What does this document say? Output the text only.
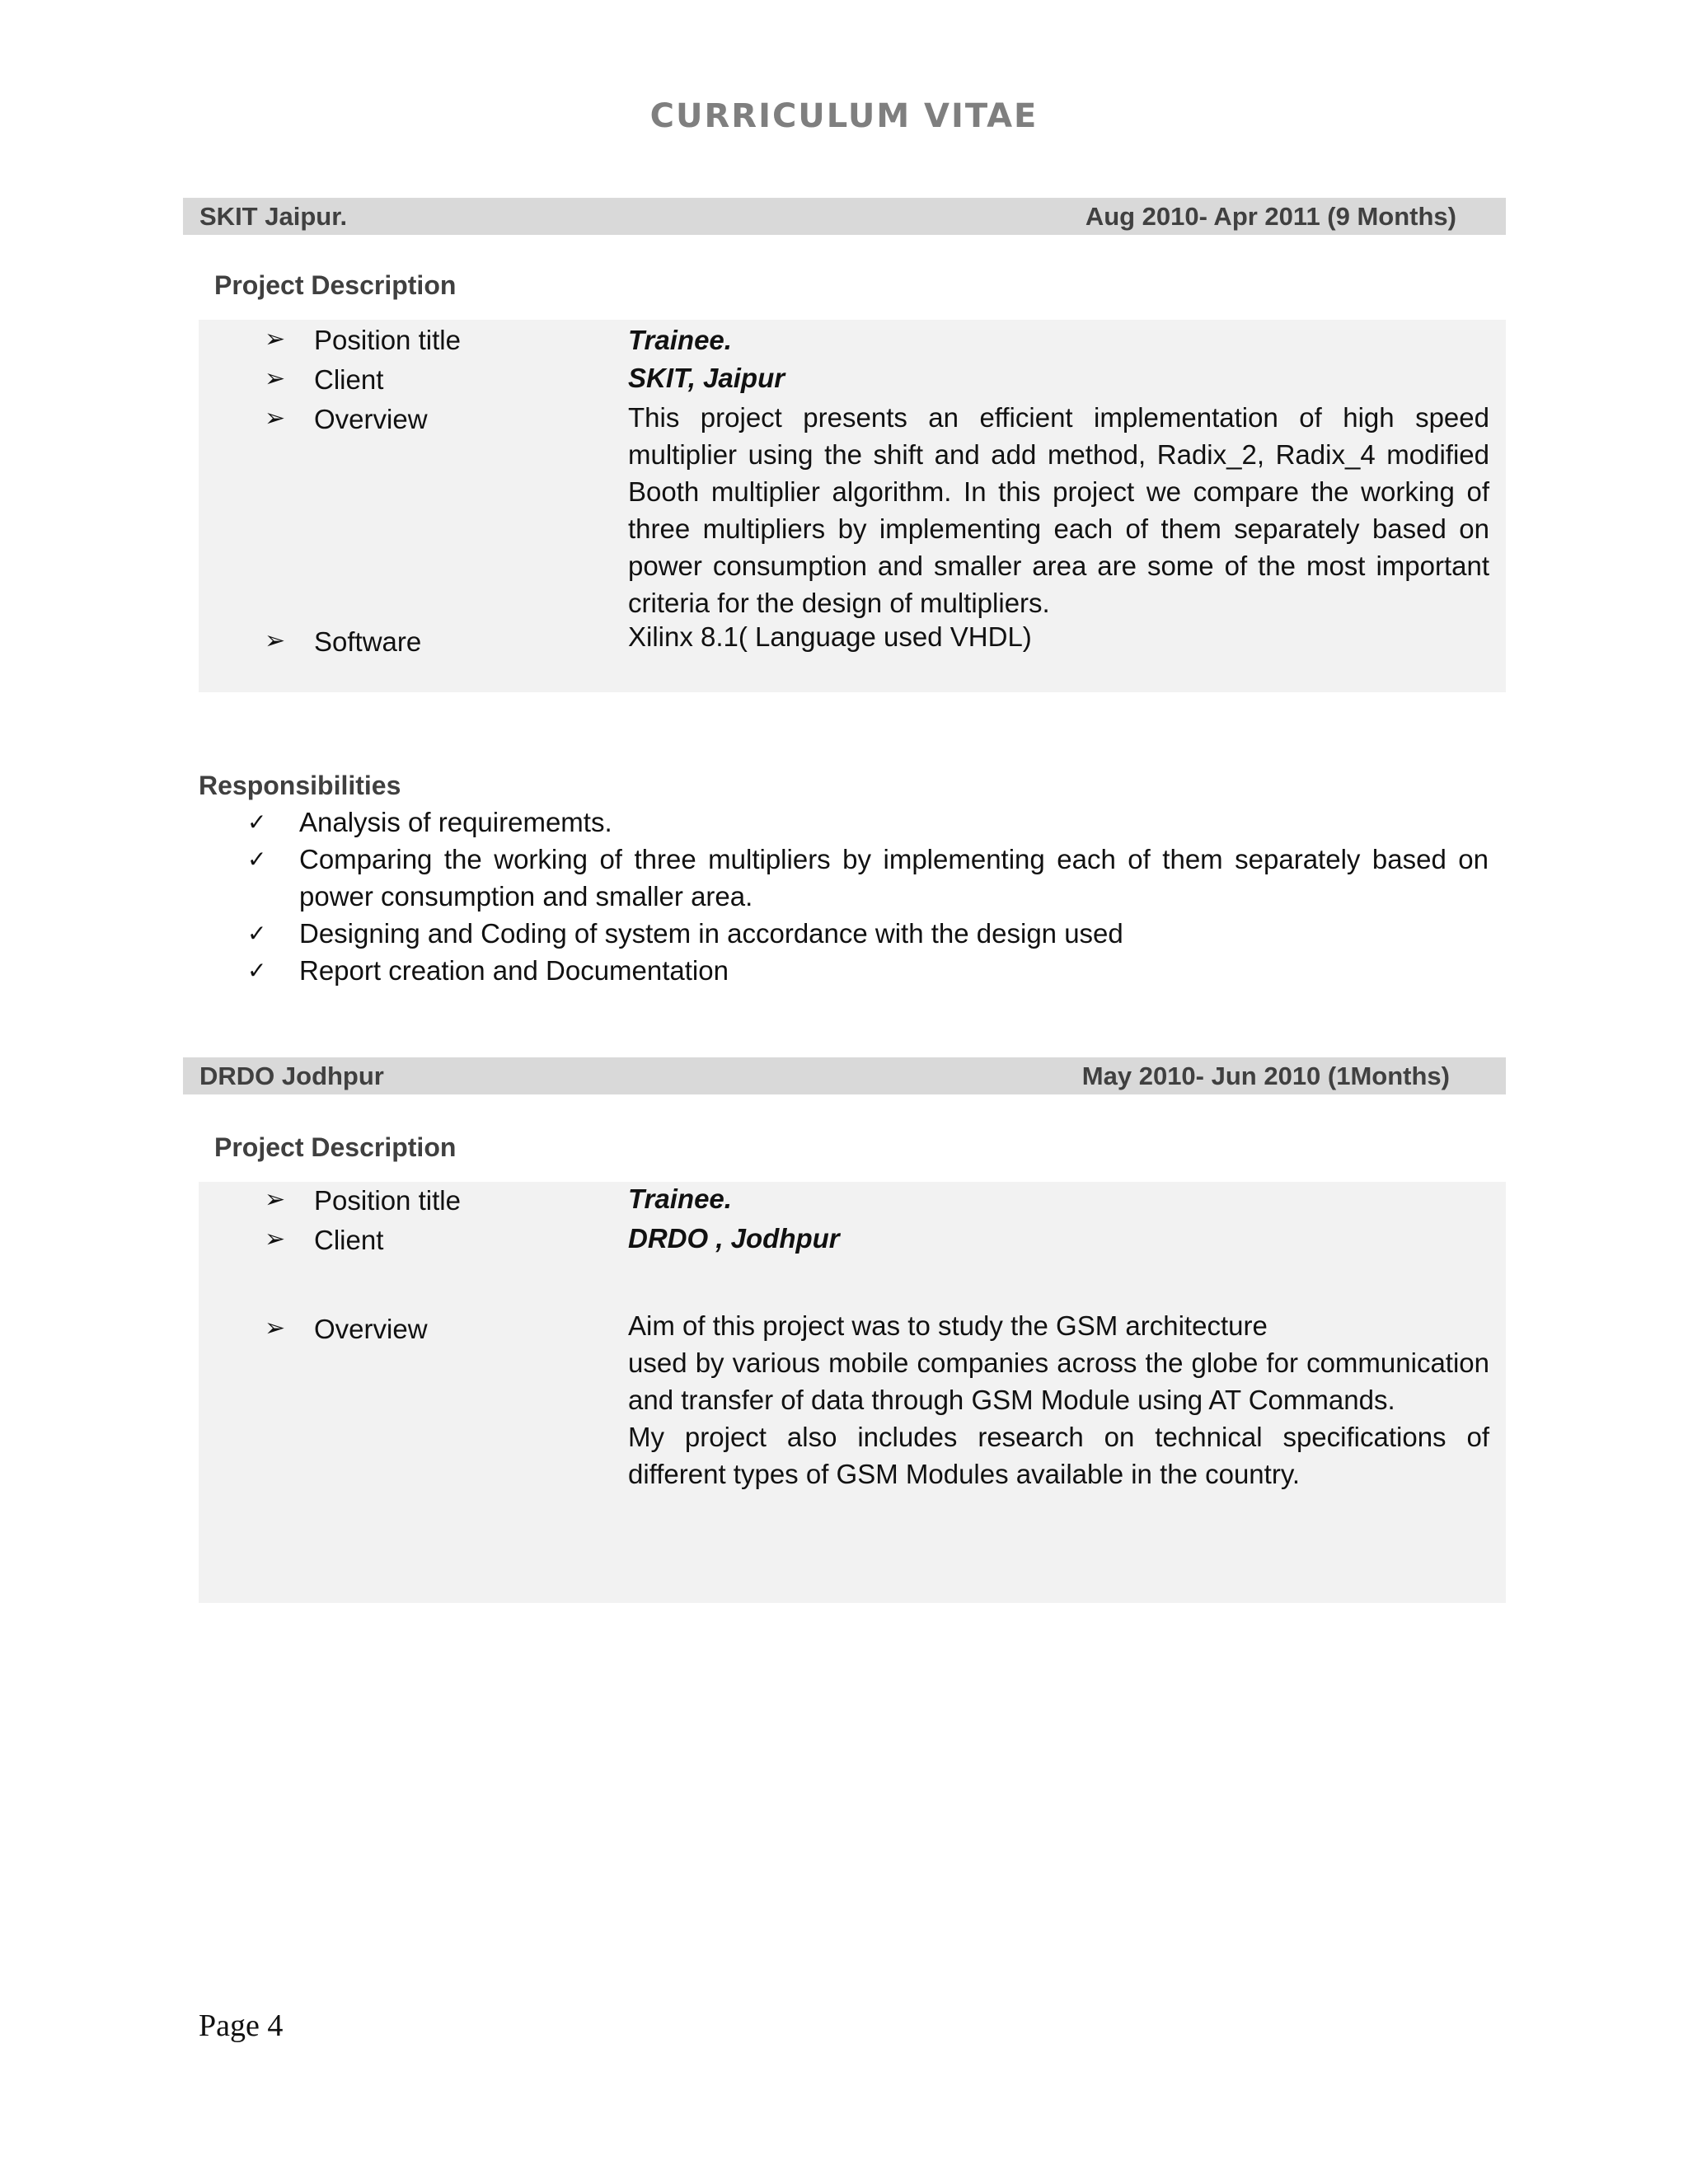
CURRICULUM VITAE
SKIT Jaipur.	Aug 2010- Apr 2011 (9 Months)
Project Description
➢ Position title	Trainee.
➢ Client	SKIT, Jaipur
➢ Overview	This project presents an efficient implementation of high speed multiplier using the shift and add method, Radix_2, Radix_4 modified Booth multiplier algorithm. In this project we compare the working of three multipliers by implementing each of them separately based on power consumption and smaller area are some of the most important criteria for the design of multipliers.
➢ Software	Xilinx 8.1( Language used VHDL)
Responsibilities
✓ Analysis of requirememts.
✓ Comparing the working of three multipliers by implementing each of them separately based on power consumption and smaller area.
✓ Designing and Coding of system in accordance with the design used
✓ Report creation and Documentation
DRDO Jodhpur	May 2010- Jun 2010 (1Months)
Project Description
➢ Position title	Trainee.
➢ Client	DRDO , Jodhpur
➢ Overview	Aim of this project was to study the GSM architecture
used by various mobile companies across the globe for communication and transfer of data through GSM Module using AT Commands.
My project also includes research on technical specifications of different types of GSM Modules available in the country.
Page 4
